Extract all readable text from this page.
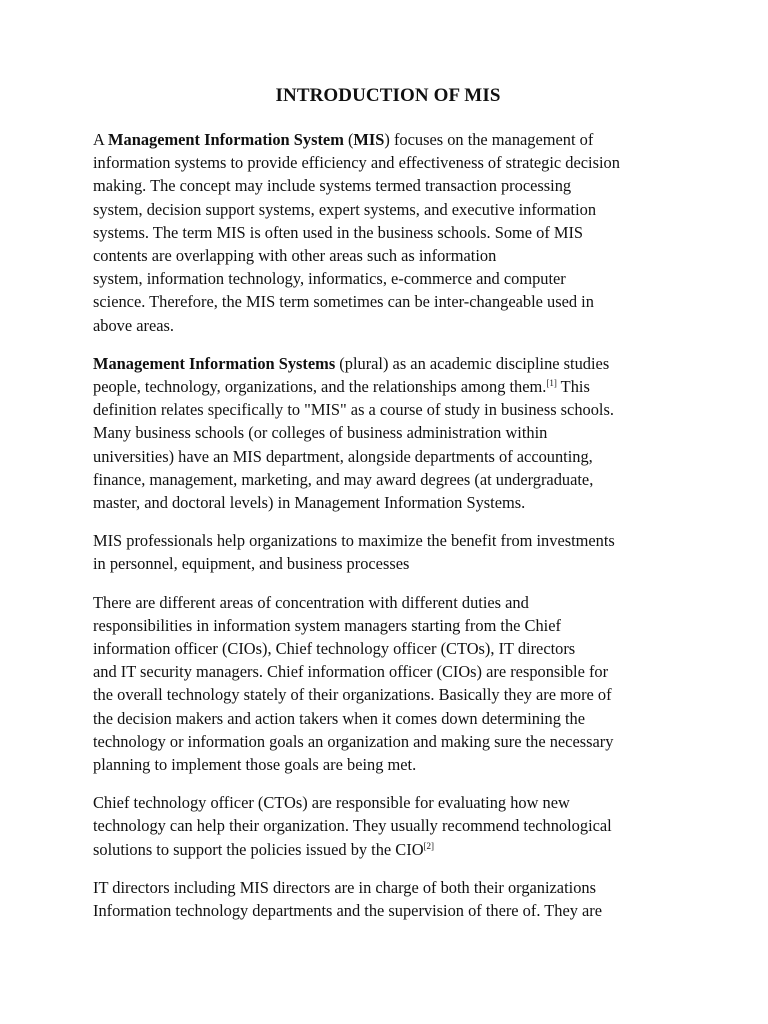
INTRODUCTION OF MIS

A Management Information System (MIS) focuses on the management of
information systems to provide efficiency and effectiveness of strategic decision
making. The concept may include systems termed transaction processing
system, decision support systems, expert systems, and executive information
systems. The term MIS is often used in the business schools. Some of MIS
contents are overlapping with other areas such as information
system, information technology, informatics, e-commerce and computer
science. Therefore, the MIS term sometimes can be inter-changeable used in
above areas.

Management Information Systems (plural) as an academic discipline studies
people, technology, organizations, and the relationships among them.[1] This
definition relates specifically to "MIS" as a course of study in business schools.
Many business schools (or colleges of business administration within
universities) have an MIS department, alongside departments of accounting,
finance, management, marketing, and may award degrees (at undergraduate,
master, and doctoral levels) in Management Information Systems.

MIS professionals help organizations to maximize the benefit from investments
in personnel, equipment, and business processes

There are different areas of concentration with different duties and
responsibilities in information system managers starting from the Chief
information officer (CIOs), Chief technology officer (CTOs), IT directors
and IT security managers. Chief information officer (CIOs) are responsible for
the overall technology stately of their organizations. Basically they are more of
the decision makers and action takers when it comes down determining the
technology or information goals an organization and making sure the necessary
planning to implement those goals are being met.

Chief technology officer (CTOs) are responsible for evaluating how new
technology can help their organization. They usually recommend technological
solutions to support the policies issued by the CIO[2]

IT directors including MIS directors are in charge of both their organizations
Information technology departments and the supervision of there of. They are
